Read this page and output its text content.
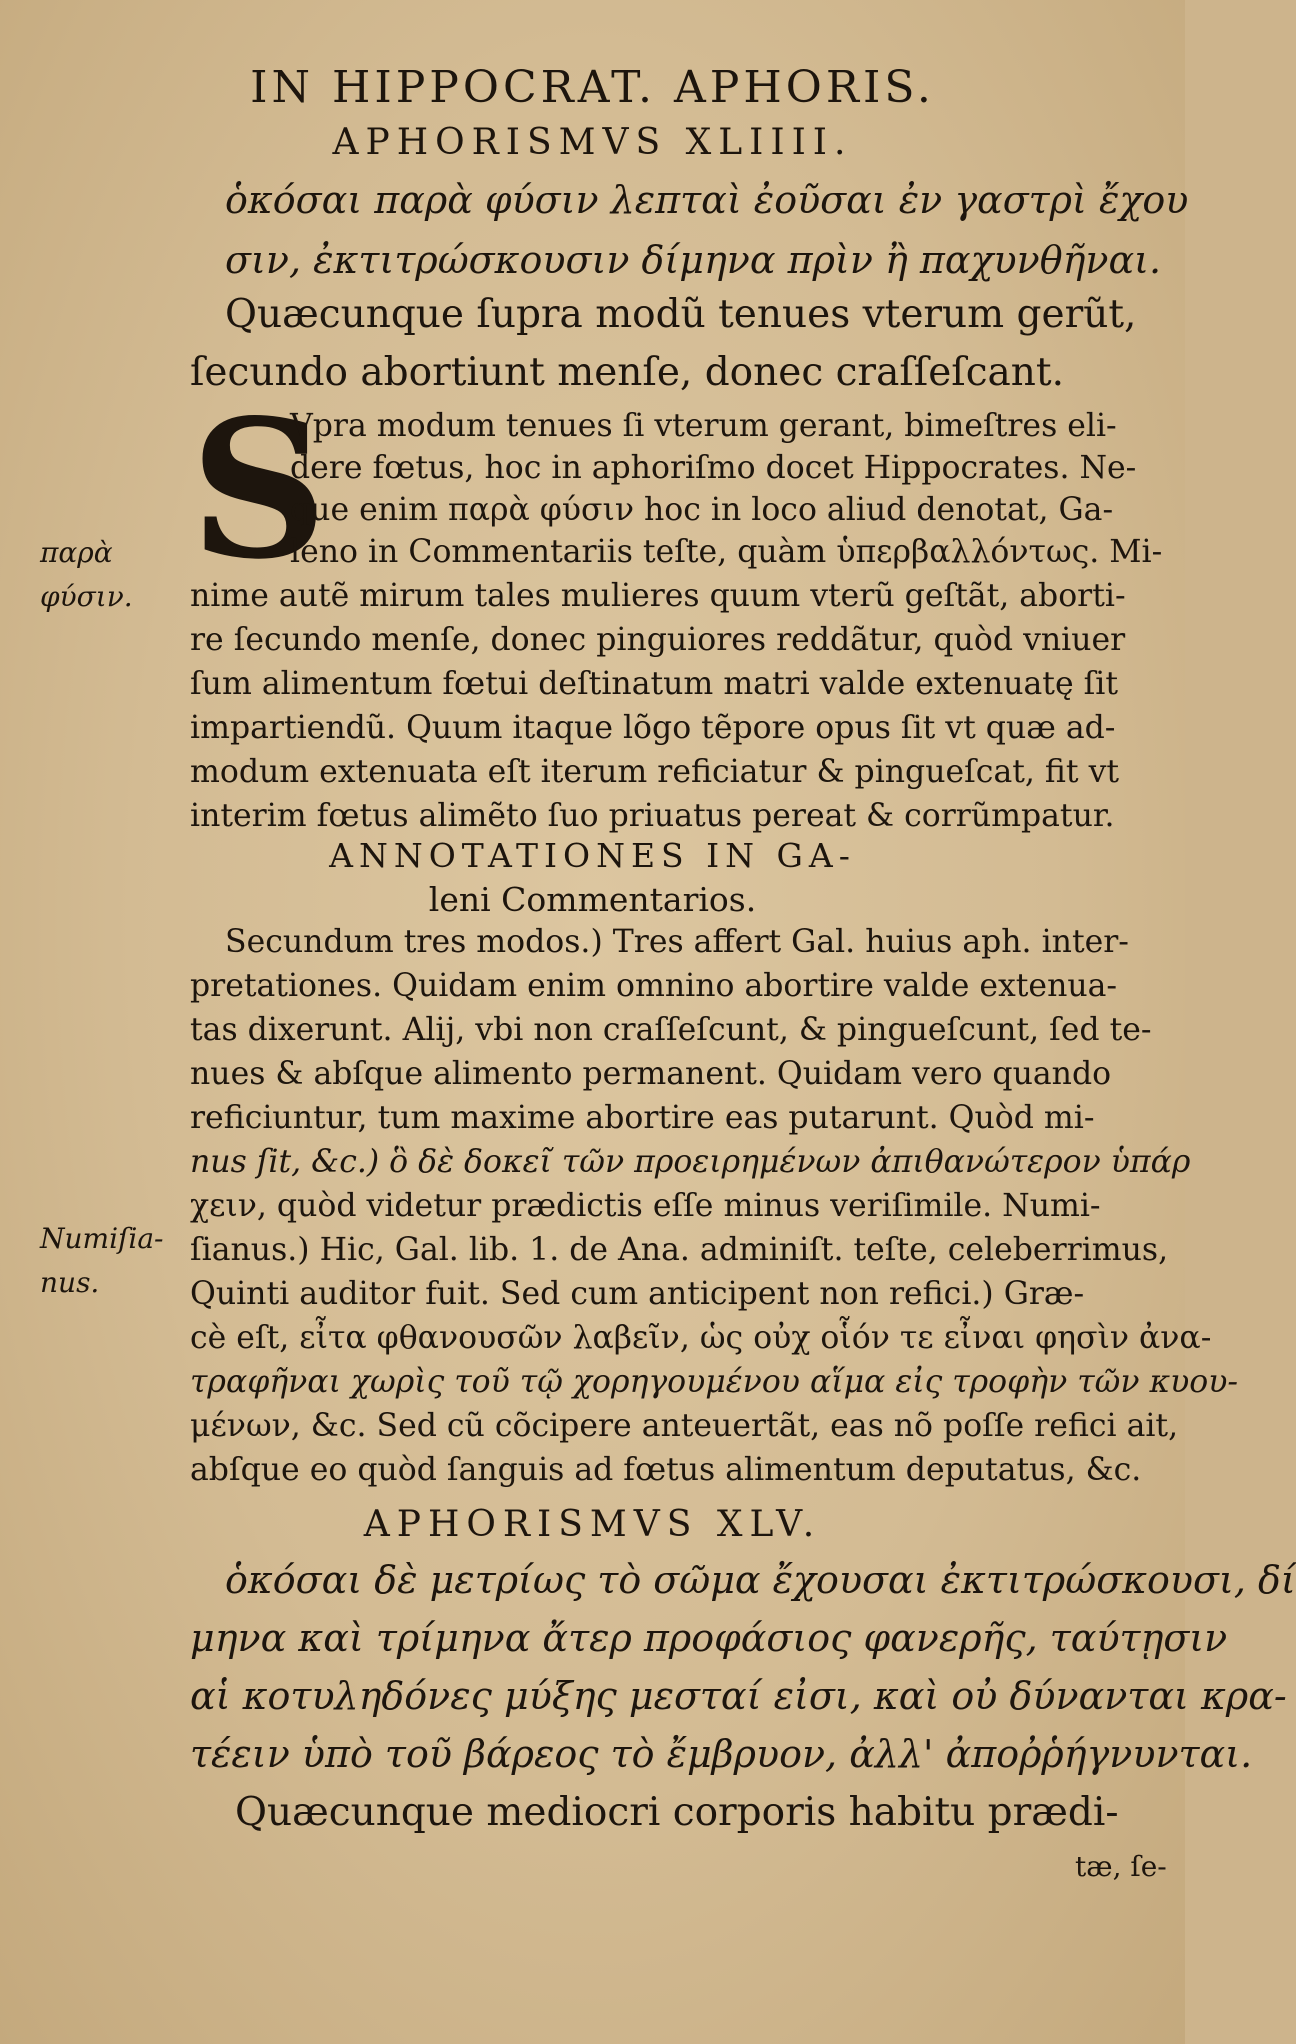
IN HIPPOCRAT. APHORIS.
APHORISMVS XLIIII.
ὁκόσαι παρὰ φύσιν λεπταὶ ἐοῦσαι ἐν γαστρὶ ἔχου
σιν, ἐκτιτρώσκουσιν δίμηνα πρὶν ἢ παχυνθῆναι.
Quæcunque ſupra modũ tenues vterum gerũt,
ſecundo abortiunt menſe, donec craſſeſcant.
S
Vpra modum tenues ſi vterum gerant, bimeſtres eli-
dere fœtus, hoc in aphoriſmo docet Hippocrates. Ne-
que enim παρὰ φύσιν hoc in loco aliud denotat, Ga-
leno in Commentariis teſte, quàm ὑπερβαλλόντως. Mi-
nime autẽ mirum tales mulieres quum vterũ geſtãt, aborti-
re ſecundo menſe, donec pinguiores reddãtur, quòd vniuer
ſum alimentum fœtui deſtinatum matri valde extenuatę ſit
impartiendũ. Quum itaque lõgo tẽpore opus ſit vt quæ ad-
modum extenuata eſt iterum reficiatur & pingueſcat, fit vt
interim fœtus alimẽto ſuo priuatus pereat & corrũmpatur.
παρὰ
φύσιν.
ANNOTATIONES IN GA-
leni Commentarios.
Secundum tres modos.) Tres affert Gal. huius aph. inter-
pretationes. Quidam enim omnino abortire valde extenua-
tas dixerunt. Alij, vbi non craſſeſcunt, & pingueſcunt, ſed te-
nues & abſque alimento permanent. Quidam vero quando
reficiuntur, tum maxime abortire eas putarunt. Quòd mi-
nus ſit, &c.) ὃ δὲ δοκεῖ τῶν προειρημένων ἀπιθανώτερον ὑπάρ
χειν, quòd videtur prædictis eſſe minus veriſimile. Numi-
ſianus.) Hic, Gal. lib. 1. de Ana. adminiſt. teſte, celeberrimus,
Quinti auditor fuit. Sed cum anticipent non refici.) Græ-
cè eſt, εἶτα φθανουσῶν λαβεῖν, ὡς οὐχ οἷόν τε εἶναι φησὶν ἀνα-
τραφῆναι χωρὶς τοῦ τῷ χορηγουμένου αἵμα εἰς τροφὴν τῶν κυου-
μένων, &c. Sed cũ cõcipere anteuertãt, eas nõ poſſe refici ait,
abſque eo quòd ſanguis ad fœtus alimentum deputatus, &c.
Numiſia-
nus.
APHORISMVS XLV.
ὁκόσαι δὲ μετρίως τὸ σῶμα ἔχουσαι ἐκτιτρώσκουσι, δί
μηνα καὶ τρίμηνα ἄτερ προφάσιος φανερῆς, ταύτῃσιν
αἱ κοτυληδόνες μύξης μεσταί εἰσι, καὶ οὐ δύνανται κρα-
τέειν ὑπὸ τοῦ βάρεος τὸ ἔμβρυον, ἀλλ' ἀποῤῥήγνυνται.
Quæcunque mediocri corporis habitu prædi-
tæ, ſe-
